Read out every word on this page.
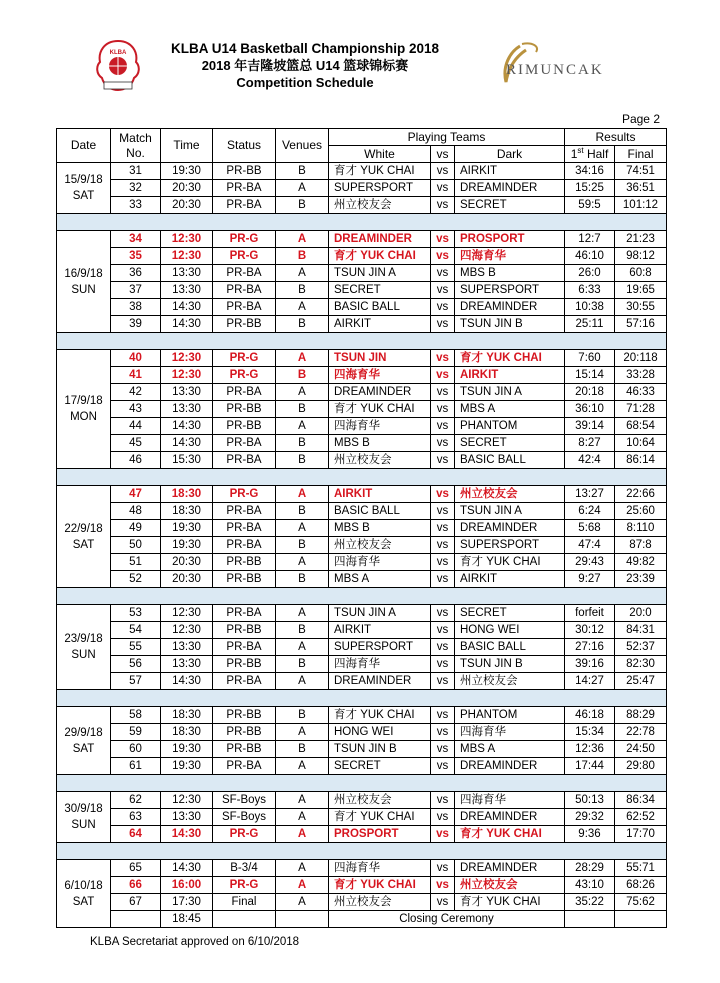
KLBA	KLBA U14 Basketball Championship 2018
2018 年吉隆坡篮总 U14 篮球锦标赛
Competition Schedule
RIMUNCAK
Page 2
Date	Match No.	Time	Status	Venues	Playing Teams			Results	
					White	vs	Dark	1st Half	Final

15/9/18
SAT	31	19:30	PR-BB	B	育才 YUK CHAI	vs	AIRKIT	34:16	74:51
	32	20:30	PR-BA	A	SUPERSPORT	vs	DREAMINDER	15:25	36:51
	33	20:30	PR-BA	B	州立校友会	vs	SECRET	59:5	101:12

16/9/18
SUN	34	12:30	PR-G	A	DREAMINDER	vs	PROSPORT	12:7	21:23
	35	12:30	PR-G	B	育才 YUK CHAI	vs	四海育华	46:10	98:12
	36	13:30	PR-BA	A	TSUN JIN A	vs	MBS B	26:0	60:8
	37	13:30	PR-BA	B	SECRET	vs	SUPERSPORT	6:33	19:65
	38	14:30	PR-BA	A	BASIC BALL	vs	DREAMINDER	10:38	30:55
	39	14:30	PR-BB	B	AIRKIT	vs	TSUN JIN B	25:11	57:16

17/9/18
MON	40	12:30	PR-G	A	TSUN JIN	vs	育才 YUK CHAI	7:60	20:118
	41	12:30	PR-G	B	四海育华	vs	AIRKIT	15:14	33:28
	42	13:30	PR-BA	A	DREAMINDER	vs	TSUN JIN A	20:18	46:33
	43	13:30	PR-BB	B	育才 YUK CHAI	vs	MBS A	36:10	71:28
	44	14:30	PR-BB	A	四海育华	vs	PHANTOM	39:14	68:54
	45	14:30	PR-BA	B	MBS B	vs	SECRET	8:27	10:64
	46	15:30	PR-BA	B	州立校友会	vs	BASIC BALL	42:4	86:14

22/9/18
SAT	47	18:30	PR-G	A	AIRKIT	vs	州立校友会	13:27	22:66
	48	18:30	PR-BA	B	BASIC BALL	vs	TSUN JIN A	6:24	25:60
	49	19:30	PR-BA	A	MBS B	vs	DREAMINDER	5:68	8:110
	50	19:30	PR-BA	B	州立校友会	vs	SUPERSPORT	47:4	87:8
	51	20:30	PR-BB	A	四海育华	vs	育才 YUK CHAI	29:43	49:82
	52	20:30	PR-BB	B	MBS A	vs	AIRKIT	9:27	23:39

23/9/18
SUN	53	12:30	PR-BA	A	TSUN JIN A	vs	SECRET	forfeit	20:0
	54	12:30	PR-BB	B	AIRKIT	vs	HONG WEI	30:12	84:31
	55	13:30	PR-BA	A	SUPERSPORT	vs	BASIC BALL	27:16	52:37
	56	13:30	PR-BB	B	四海育华	vs	TSUN JIN B	39:16	82:30
	57	14:30	PR-BA	A	DREAMINDER	vs	州立校友会	14:27	25:47

29/9/18
SAT	58	18:30	PR-BB	B	育才 YUK CHAI	vs	PHANTOM	46:18	88:29
	59	18:30	PR-BB	A	HONG WEI	vs	四海育华	15:34	22:78
	60	19:30	PR-BB	B	TSUN JIN B	vs	MBS A	12:36	24:50
	61	19:30	PR-BA	A	SECRET	vs	DREAMINDER	17:44	29:80

30/9/18
SUN	62	12:30	SF-Boys	A	州立校友会	vs	四海育华	50:13	86:34
	63	13:30	SF-Boys	A	育才 YUK CHAI	vs	DREAMINDER	29:32	62:52
	64	14:30	PR-G	A	PROSPORT	vs	育才 YUK CHAI	9:36	17:70

6/10/18
SAT	65	14:30	B-3/4	A	四海育华	vs	DREAMINDER	28:29	55:71
	66	16:00	PR-G	A	育才 YUK CHAI	vs	州立校友会	43:10	68:26
	67	17:30	Final	A	州立校友会	vs	育才 YUK CHAI	35:22	75:62
		18:45			Closing Ceremony				
KLBA Secretariat approved on 6/10/2018
